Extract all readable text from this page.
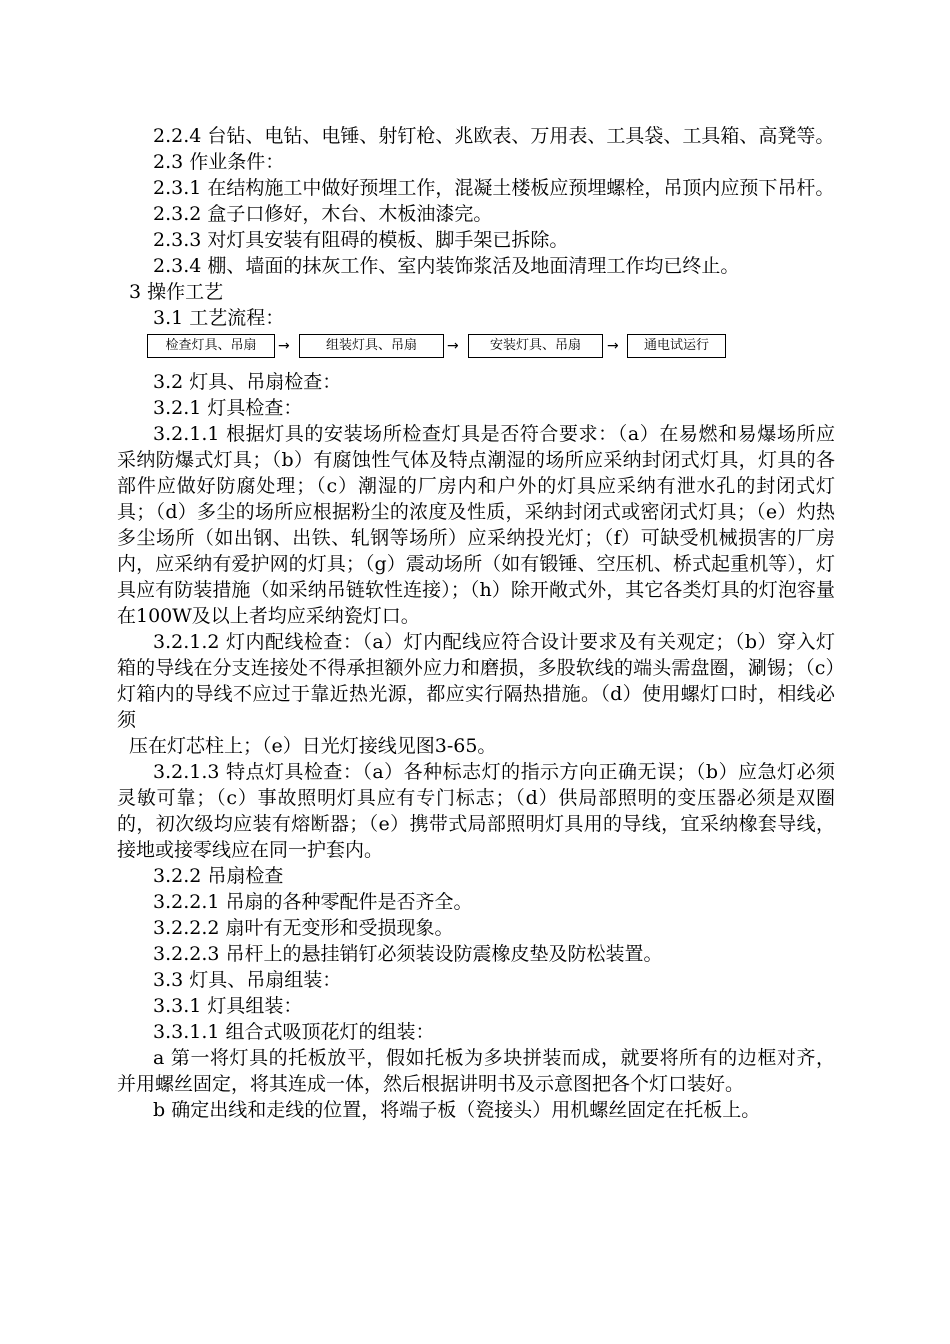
2.2.4 台钻、电钻、电锤、射钉枪、兆欧表、万用表、工具袋、工具箱、高凳等。

2.3 作业条件：

2.3.1 在结构施工中做好预埋工作，混凝土楼板应预埋螺栓，吊顶内应预下吊杆。

2.3.2 盒子口修好，木台、木板油漆完。

2.3.3 对灯具安装有阻碍的模板、脚手架已拆除。

2.3.4 棚、墙面的抹灰工作、室内装饰浆活及地面清理工作均已终止。

3 操作工艺

3.1 工艺流程：

检查灯具、吊扇	→	组装灯具、吊扇	→	安装灯具、吊扇	→	通电试运行

3.2 灯具、吊扇检查：

3.2.1 灯具检查：

3.2.1.1 根据灯具的安装场所检查灯具是否符合要求：（a）在易燃和易爆场所应采纳防爆式灯具；（b）有腐蚀性气体及特点潮湿的场所应采纳封闭式灯具，灯具的各部件应做好防腐处理；（c）潮湿的厂房内和户外的灯具应采纳有泄水孔的封闭式灯具；（d）多尘的场所应根据粉尘的浓度及性质，采纳封闭式或密闭式灯具；（e）灼热多尘场所（如出钢、出铁、轧钢等场所）应采纳投光灯；（f）可缺受机械损害的厂房内，应采纳有爱护网的灯具；（g）震动场所（如有锻锤、空压机、桥式起重机等），灯具应有防装措施（如采纳吊链软性连接）；（h）除开敞式外，其它各类灯具的灯泡容量在100W及以上者均应采纳瓷灯口。

3.2.1.2 灯内配线检查：（a）灯内配线应符合设计要求及有关观定；（b）穿入灯箱的导线在分支连接处不得承担额外应力和磨损，多股软线的端头需盘圈，涮锡；（c）灯箱内的导线不应过于靠近热光源，都应实行隔热措施。（d）使用螺灯口时，相线必须

压在灯芯柱上；（e）日光灯接线见图3-65。

3.2.1.3 特点灯具检查：（a）各种标志灯的指示方向正确无误；（b）应急灯必须灵敏可靠；（c）事故照明灯具应有专门标志；（d）供局部照明的变压器必须是双圈的，初次级均应装有熔断器；（e）携带式局部照明灯具用的导线，宜采纳橡套导线，接地或接零线应在同一护套内。

3.2.2 吊扇检查

3.2.2.1 吊扇的各种零配件是否齐全。

3.2.2.2 扇叶有无变形和受损现象。

3.2.2.3 吊杆上的悬挂销钉必须装设防震橡皮垫及防松装置。

3.3 灯具、吊扇组装：

3.3.1 灯具组装：

3.3.1.1 组合式吸顶花灯的组装：

a 第一将灯具的托板放平，假如托板为多块拼装而成，就要将所有的边框对齐，并用螺丝固定，将其连成一体，然后根据讲明书及示意图把各个灯口装好。

b 确定出线和走线的位置，将端子板（瓷接头）用机螺丝固定在托板上。
